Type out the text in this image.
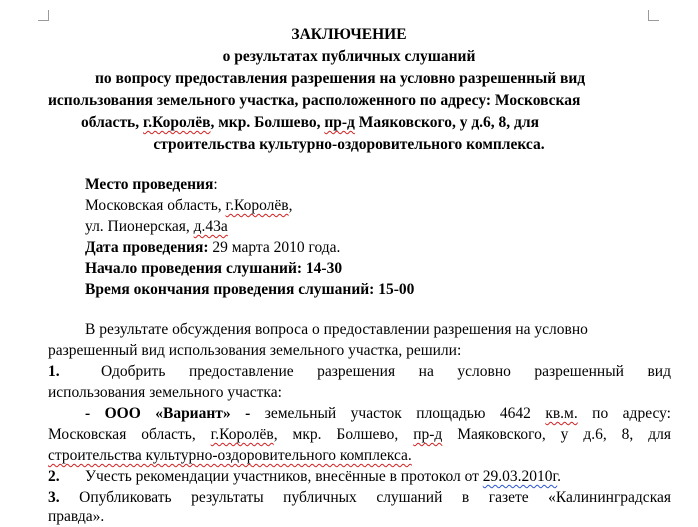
ЗАКЛЮЧЕНИЕ
о результатах публичных слушаний
по вопросу предоставления разрешения на условно разрешенный вид
использования земельного участка, расположенного по адресу: Московская
область, г.Королёв, мкр. Болшево, пр-д Маяковского, у д.6, 8, для
строительства культурно-оздоровительного комплекса.
Место проведения:
Московская область, г.Королёв,
ул. Пионерская, д.43а
Дата проведения: 29 марта 2010 года.
Начало проведения слушаний: 14-30
Время окончания проведения слушаний: 15-00
В результате обсуждения вопроса о предоставлении разрешения на условно
разрешенный вид использования земельного участка, решили:
1.	Одобрить предоставление разрешения на условно разрешенный вид
использования земельного участка:
- ООО «Вариант» - земельный участок площадью 4642 кв.м. по адресу:
Московская область, г.Королёв, мкр. Болшево, пр-д Маяковского, у д.6, 8, для
строительства культурно-оздоровительного комплекса.
2. Учесть рекомендации участников, внесённые в протокол от 29.03.2010г.
3. Опубликовать результаты публичных слушаний в газете «Калининградская
правда».
